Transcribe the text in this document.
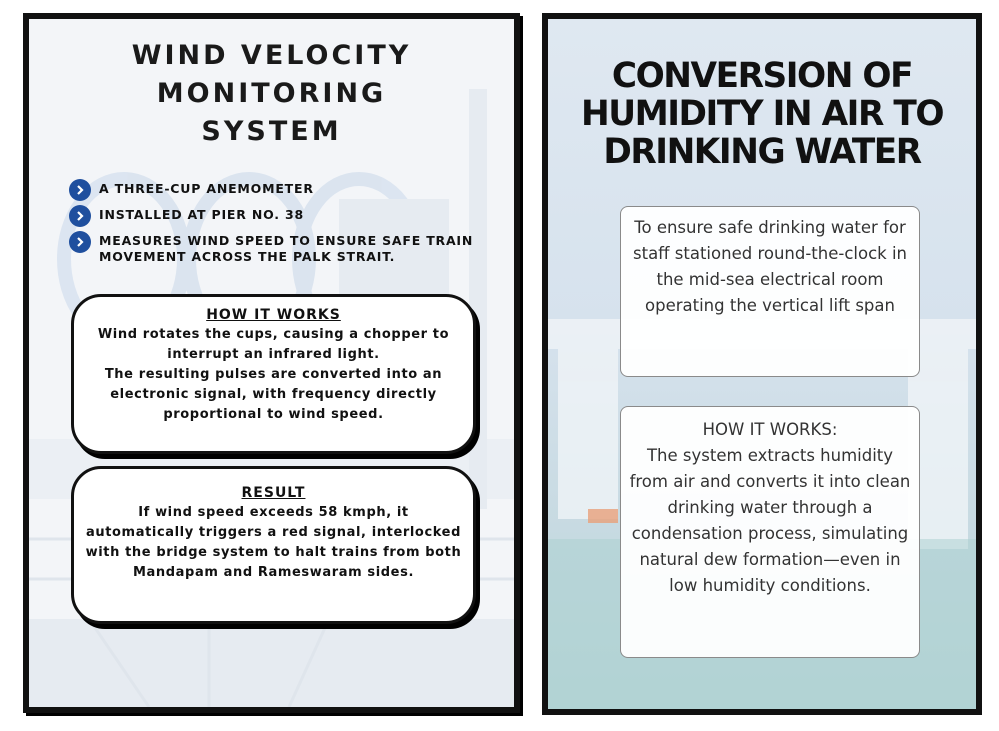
WIND VELOCITY
MONITORING
SYSTEM
A THREE-CUP ANEMOMETER
INSTALLED AT PIER NO. 38
MEASURES WIND SPEED TO ENSURE SAFE TRAIN MOVEMENT ACROSS THE PALK STRAIT.
HOW IT WORKS
Wind rotates the cups, causing a chopper to interrupt an infrared light.
The resulting pulses are converted into an electronic signal, with frequency directly proportional to wind speed.
RESULT
If wind speed exceeds 58 kmph, it automatically triggers a red signal, interlocked with the bridge system to halt trains from both Mandapam and Rameswaram sides.
CONVERSION OF
HUMIDITY IN AIR TO
DRINKING WATER
To ensure safe drinking water for staff stationed round-the-clock in the mid-sea electrical room operating the vertical lift span
HOW IT WORKS:
The system extracts humidity from air and converts it into clean drinking water through a condensation process, simulating natural dew formation—even in low humidity conditions.
